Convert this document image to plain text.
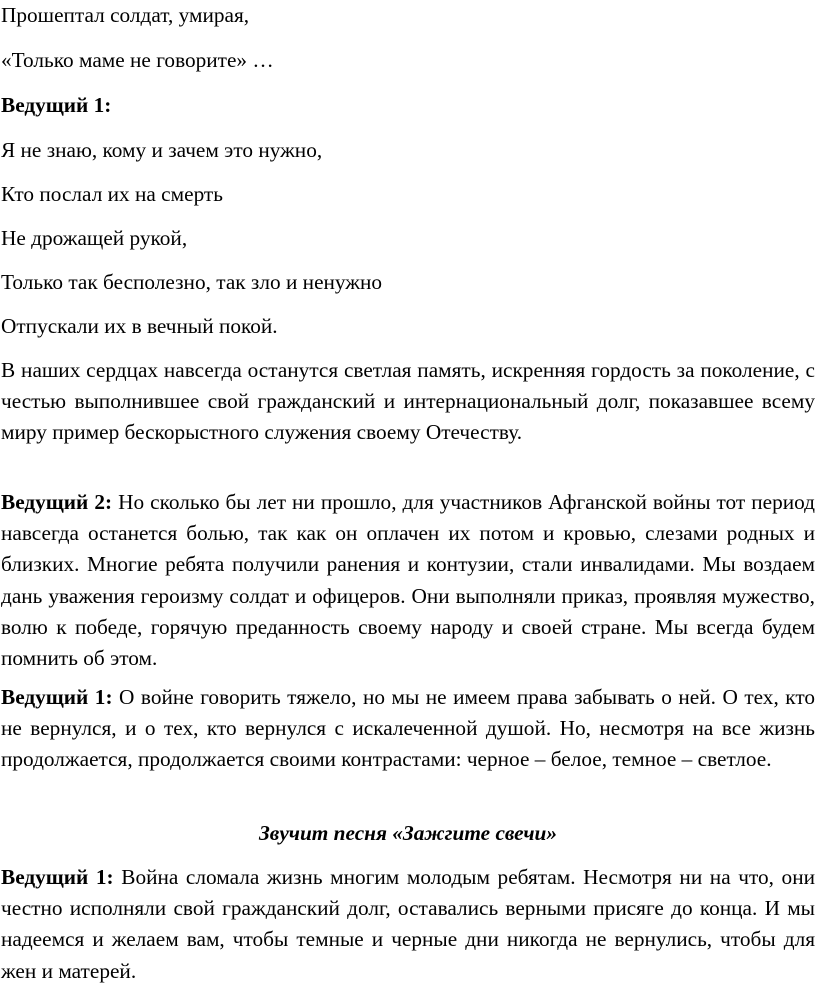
Прошептал солдат, умирая,
«Только маме не говорите» …
Ведущий 1:
Я не знаю, кому и зачем это нужно,
Кто послал их на смерть
Не дрожащей рукой,
Только так бесполезно, так зло и ненужно
Отпускали их в вечный покой.

В наших сердцах навсегда останутся светлая память, искренняя гордость за поколение, с честью выполнившее свой гражданский и интернациональный долг, показавшее всему миру пример бескорыстного служения своему Отечеству.

Ведущий 2: Но сколько бы лет ни прошло, для участников Афганской войны тот период навсегда останется болью, так как он оплачен их потом и кровью, слезами родных и близких. Многие ребята получили ранения и контузии, стали инвалидами. Мы воздаем дань уважения героизму солдат и офицеров. Они выполняли приказ, проявляя мужество, волю к победе, горячую преданность своему народу и своей стране. Мы всегда будем помнить об этом.

Ведущий 1: О войне говорить тяжело, но мы не имеем права забывать о ней. О тех, кто не вернулся, и о тех, кто вернулся с искалеченной душой. Но, несмотря на все жизнь продолжается, продолжается своими контрастами: черное – белое, темное – светлое.

Звучит песня «Зажгите свечи»

Ведущий 1: Война сломала жизнь многим молодым ребятам. Несмотря ни на что, они честно исполняли свой гражданский долг, оставались верными присяге до конца. И мы надеемся и желаем вам, чтобы темные и черные дни никогда не вернулись, чтобы для жен и матерей.
